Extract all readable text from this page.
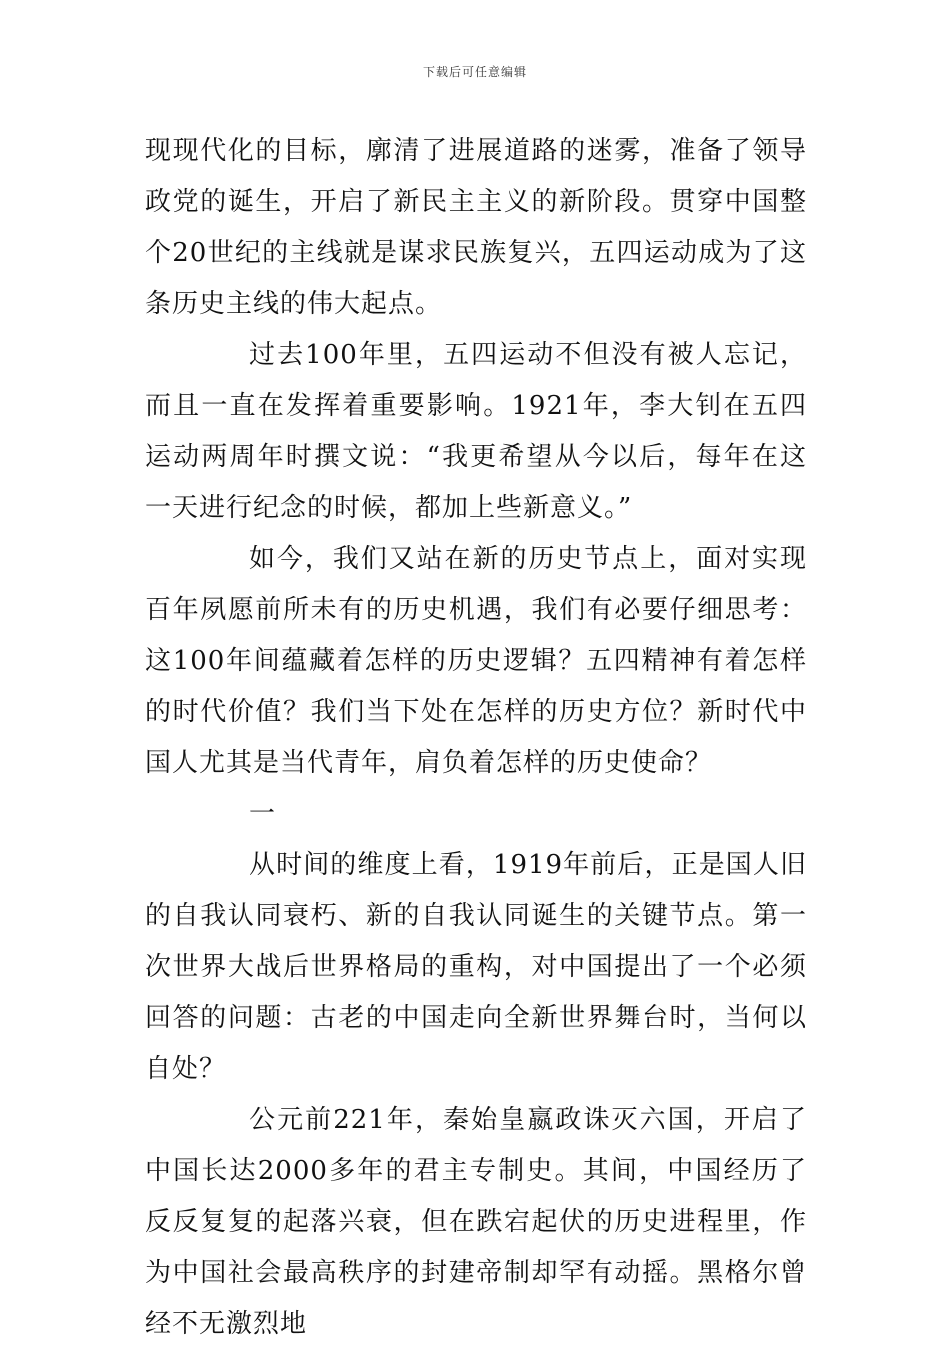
下载后可任意编辑

现现代化的目标，廓清了进展道路的迷雾，准备了领导政党的诞生，开启了新民主主义的新阶段。贯穿中国整个20世纪的主线就是谋求民族复兴，五四运动成为了这条历史主线的伟大起点。

过去100年里，五四运动不但没有被人忘记，而且一直在发挥着重要影响。1921年，李大钊在五四运动两周年时撰文说：“我更希望从今以后，每年在这一天进行纪念的时候，都加上些新意义。”

如今，我们又站在新的历史节点上，面对实现百年夙愿前所未有的历史机遇，我们有必要仔细思考：这100年间蕴藏着怎样的历史逻辑？五四精神有着怎样的时代价值？我们当下处在怎样的历史方位？新时代中国人尤其是当代青年，肩负着怎样的历史使命？

一

从时间的维度上看，1919年前后，正是国人旧的自我认同衰朽、新的自我认同诞生的关键节点。第一次世界大战后世界格局的重构，对中国提出了一个必须回答的问题：古老的中国走向全新世界舞台时，当何以自处？

公元前221年，秦始皇嬴政诛灭六国，开启了中国长达2000多年的君主专制史。其间，中国经历了反反复复的起落兴衰，但在跌宕起伏的历史进程里，作为中国社会最高秩序的封建帝制却罕有动摇。黑格尔曾经不无激烈地
